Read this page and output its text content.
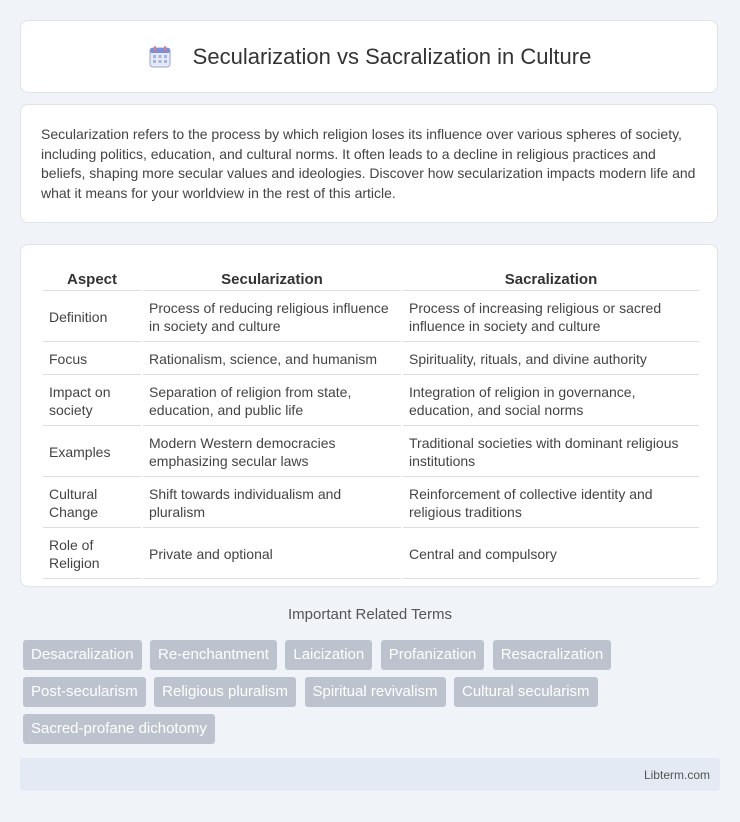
Secularization vs Sacralization in Culture

Secularization refers to the process by which religion loses its influence over various spheres of society, including politics, education, and cultural norms. It often leads to a decline in religious practices and beliefs, shaping more secular values and ideologies. Discover how secularization impacts modern life and what it means for your worldview in the rest of this article.

Aspect	Secularization	Sacralization
Definition	Process of reducing religious influence in society and culture	Process of increasing religious or sacred influence in society and culture
Focus	Rationalism, science, and humanism	Spirituality, rituals, and divine authority
Impact on society	Separation of religion from state, education, and public life	Integration of religion in governance, education, and social norms
Examples	Modern Western democracies emphasizing secular laws	Traditional societies with dominant religious institutions
Cultural Change	Shift towards individualism and pluralism	Reinforcement of collective identity and religious traditions
Role of Religion	Private and optional	Central and compulsory
Important Related Terms
Desacralization Re-enchantment Laicization Profanization Resacralization Post-secularism Religious pluralism Spiritual revivalism Cultural secularism Sacred-profane dichotomy
Libterm.com
